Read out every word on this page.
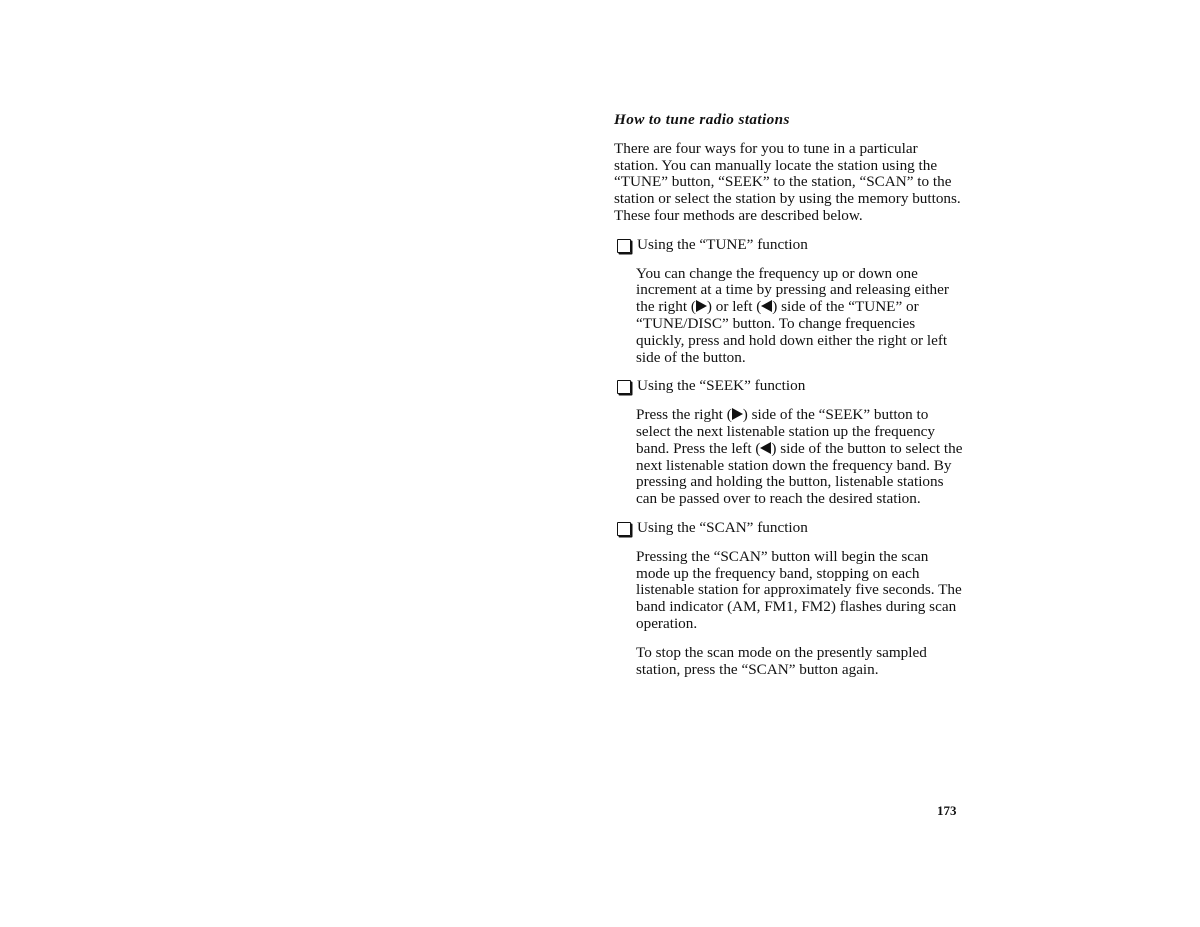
How to tune radio stations
There are four ways for you to tune in a particular station. You can manually locate the station using the “TUNE” button, “SEEK” to the station, “SCAN” to the station or select the station by using the memory buttons. These four methods are described below.
Using the “TUNE” function
You can change the frequency up or down one increment at a time by pressing and releasing either the right ( ) or left ( ) side of the “TUNE” or “TUNE/DISC” button. To change frequencies quickly, press and hold down either the right or left side of the button.
Using the “SEEK” function
Press the right ( ) side of the “SEEK” button to select the next listenable station up the frequency band. Press the left ( ) side of the button to select the next listenable station down the frequency band. By pressing and holding the button, listenable stations can be passed over to reach the desired station.
Using the “SCAN” function
Pressing the “SCAN” button will begin the scan mode up the frequency band, stopping on each listenable station for approximately five seconds. The band indicator (AM, FM1, FM2) flashes during scan operation.
To stop the scan mode on the presently sampled station, press the “SCAN” button again.
173
